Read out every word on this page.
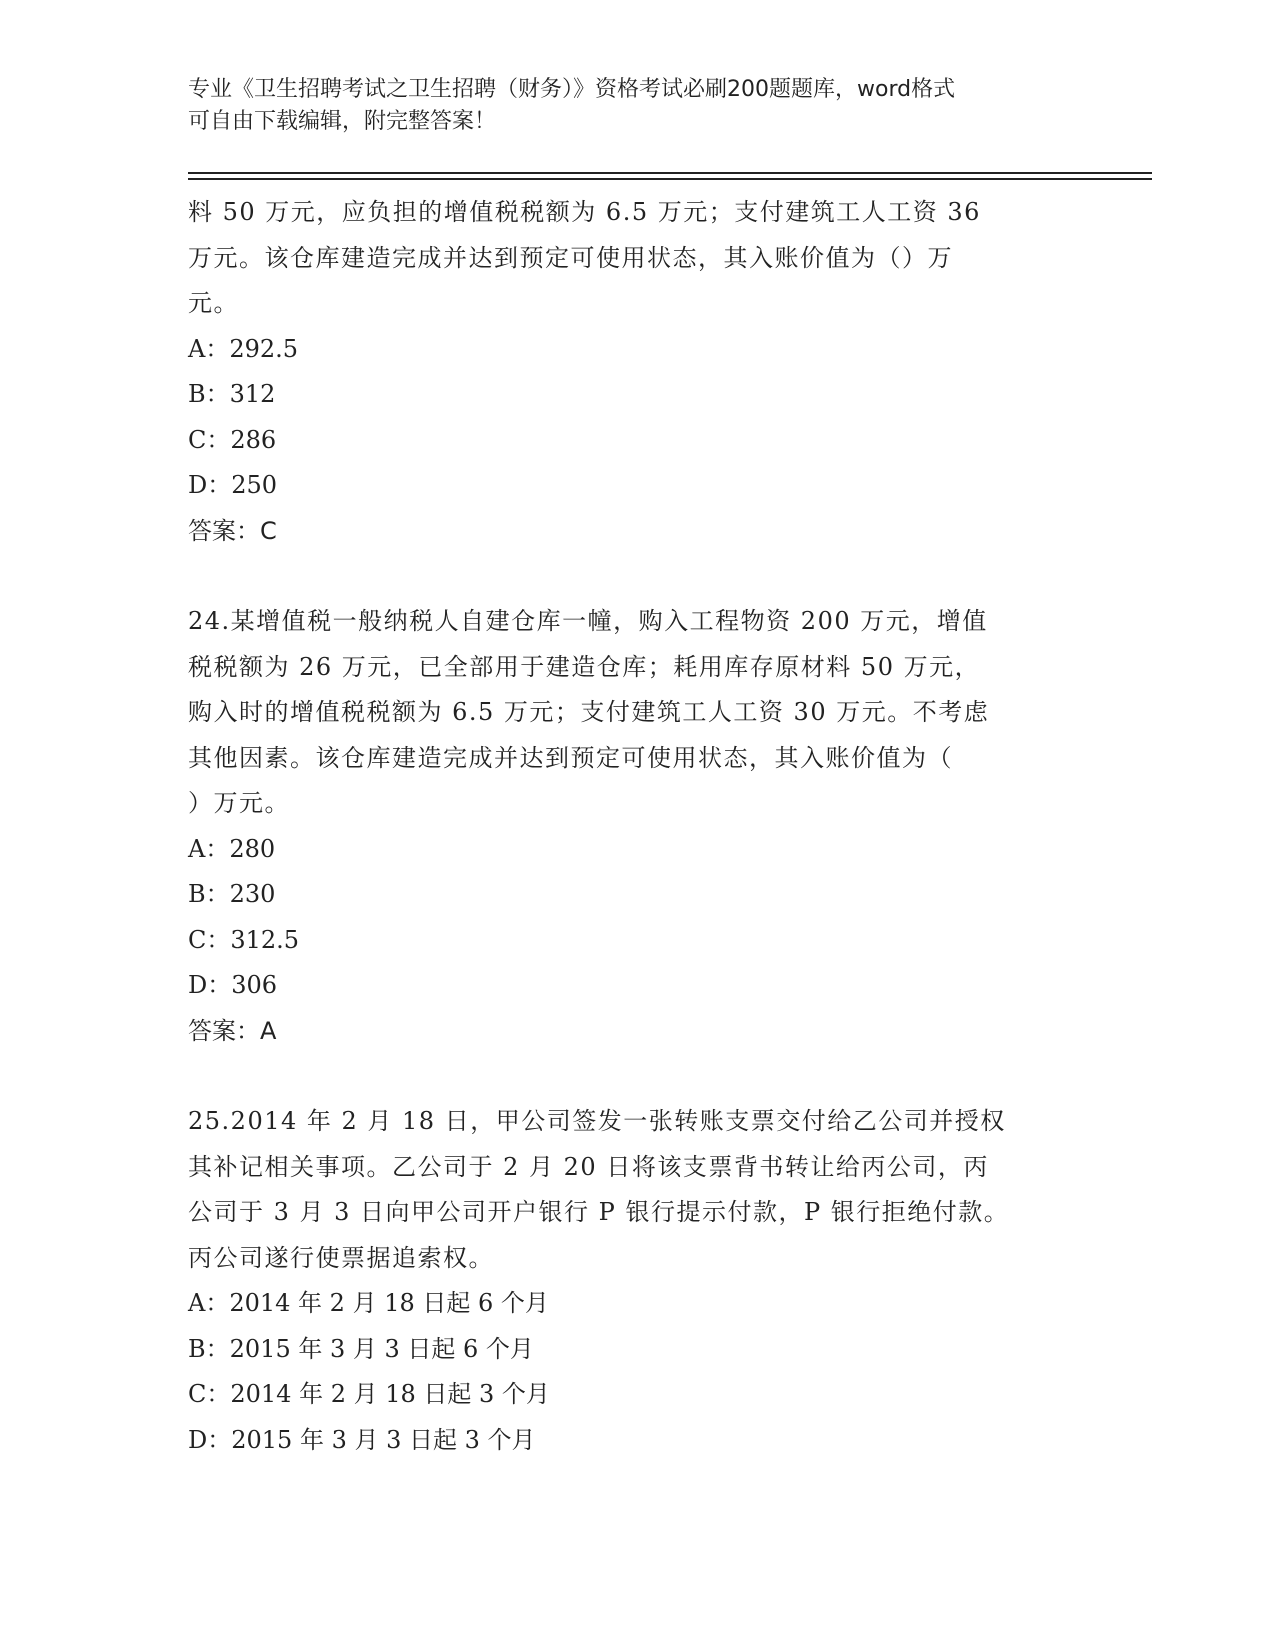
专业《卫生招聘考试之卫生招聘（财务）》资格考试必刷200题题库，word格式
可自由下载编辑，附完整答案！

料 50 万元，应负担的增值税税额为 6.5 万元；支付建筑工人工资 36

万元。该仓库建造完成并达到预定可使用状态，其入账价值为（）万

元。

A：292.5

B：312

C：286

D：250

答案：C

24.某增值税一般纳税人自建仓库一幢，购入工程物资 200 万元，增值

税税额为 26 万元，已全部用于建造仓库；耗用库存原材料 50 万元，

购入时的增值税税额为 6.5 万元；支付建筑工人工资 30 万元。不考虑

其他因素。该仓库建造完成并达到预定可使用状态，其入账价值为（

）万元。

A：280

B：230

C：312.5

D：306

答案：A

25.2014 年 2 月 18 日，甲公司签发一张转账支票交付给乙公司并授权

其补记相关事项。乙公司于 2 月 20 日将该支票背书转让给丙公司，丙

公司于 3 月 3 日向甲公司开户银行 P 银行提示付款，P 银行拒绝付款。

丙公司遂行使票据追索权。

A：2014 年 2 月 18 日起 6 个月

B：2015 年 3 月 3 日起 6 个月

C：2014 年 2 月 18 日起 3 个月

D：2015 年 3 月 3 日起 3 个月
